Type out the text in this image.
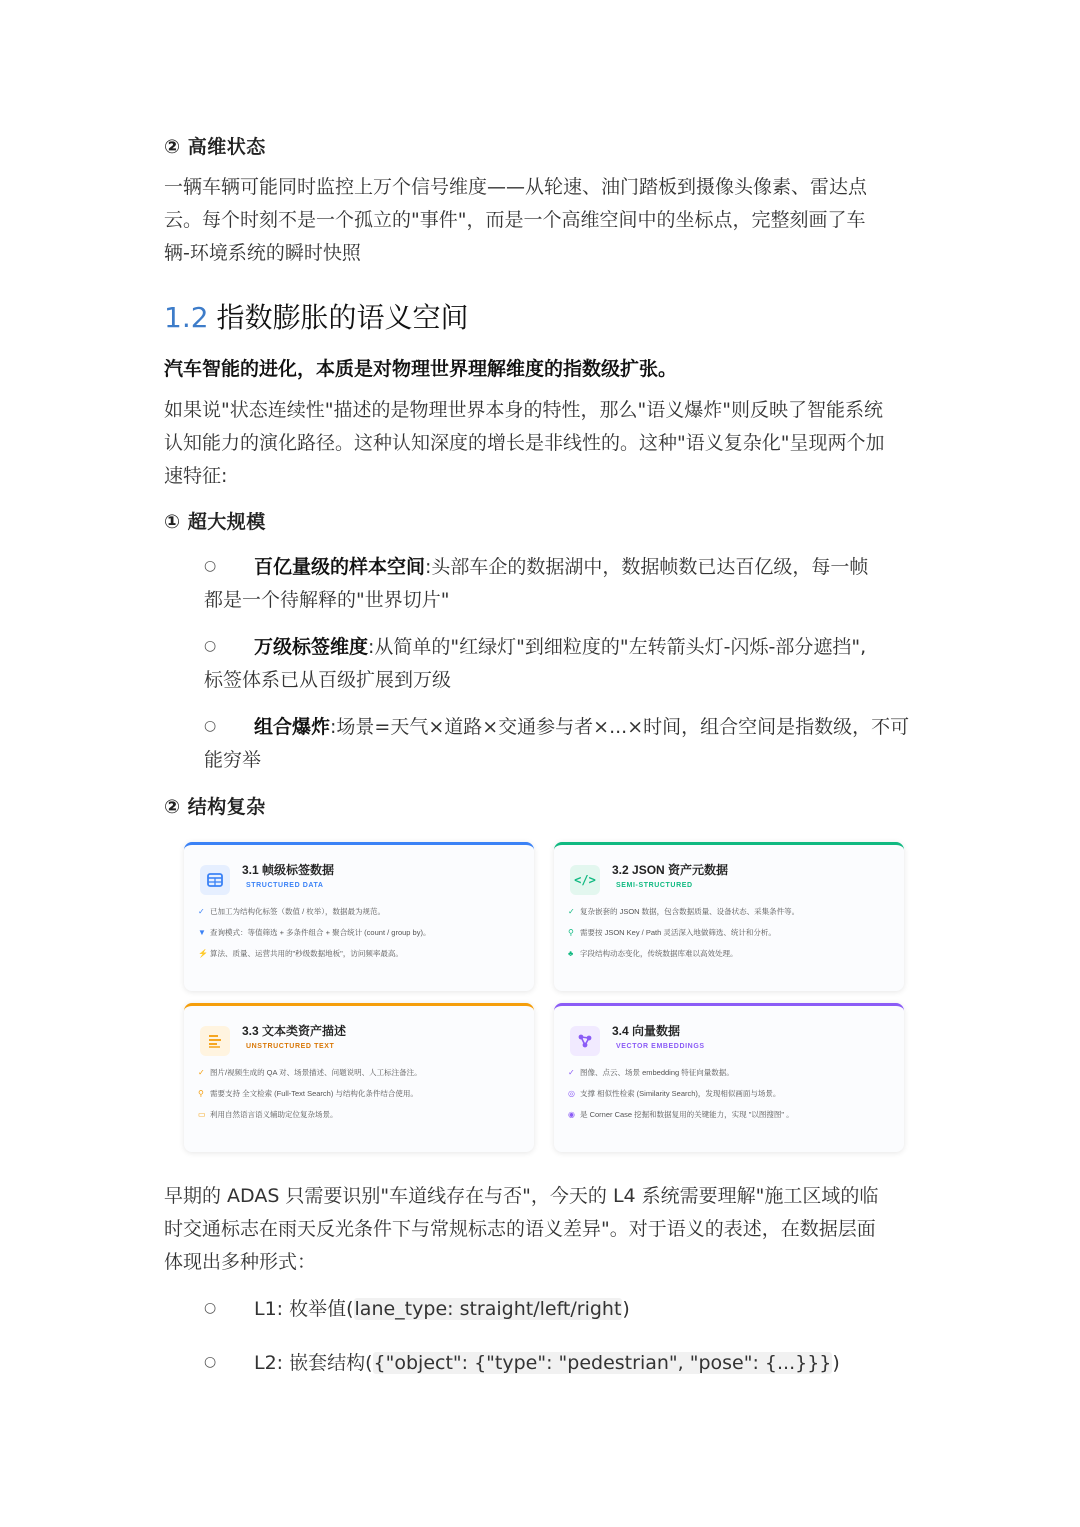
② 高维状态
一辆车辆可能同时监控上万个信号维度——从轮速、油门踏板到摄像头像素、雷达点
云。每个时刻不是一个孤立的"事件"，而是一个高维空间中的坐标点，完整刻画了车
辆-环境系统的瞬时快照
1.2 指数膨胀的语义空间
汽车智能的进化，本质是对物理世界理解维度的指数级扩张。
如果说"状态连续性"描述的是物理世界本身的特性，那么"语义爆炸"则反映了智能系统
认知能力的演化路径。这种认知深度的增长是非线性的。这种"语义复杂化"呈现两个加
速特征:
① 超大规模
○	百亿量级的样本空间:头部车企的数据湖中，数据帧数已达百亿级，每一帧
都是一个待解释的"世界切片"
○	万级标签维度:从简单的"红绿灯"到细粒度的"左转箭头灯-闪烁-部分遮挡",
标签体系已从百级扩展到万级
○	组合爆炸:场景=天气×道路×交通参与者×...×时间，组合空间是指数级，不可
能穷举
② 结构复杂
3.1 帧级标签数据
STRUCTURED DATA
✓ 已加工为结构化标签（数值 / 枚举），数据最为规范。
▼ 查询模式：等值筛选 + 多条件组合 + 聚合统计 (count / group by)。
⚡ 算法、质量、运营共用的"秒级数据地板"，访问频率最高。
</>
3.2 JSON 资产元数据
SEMI-STRUCTURED
✓ 复杂嵌套的 JSON 数据，包含数据质量、设备状态、采集条件等。
⚲ 需要按 JSON Key / Path 灵活深入地做筛选、统计和分析。
♣ 字段结构动态变化，传统数据库难以高效处理。
3.3 文本类资产描述
UNSTRUCTURED TEXT
✓ 图片/视频生成的 QA 对、场景描述、问题说明、人工标注备注。
⚲ 需要支持 全文检索 (Full-Text Search) 与结构化条件结合使用。
▭ 利用自然语言语义辅助定位复杂场景。
3.4 向量数据
VECTOR EMBEDDINGS
✓ 图像、点云、场景 embedding 特征向量数据。
◎ 支撑 相似性检索 (Similarity Search)，发现相似画面与场景。
◉ 是 Corner Case 挖掘和数据复用的关键能力，实现 "以图搜图" 。
早期的 ADAS 只需要识别"车道线存在与否"，今天的 L4 系统需要理解"施工区域的临
时交通标志在雨天反光条件下与常规标志的语义差异"。对于语义的表述，在数据层面
体现出多种形式：
○	L1: 枚举值(lane_type: straight/left/right)
○	L2: 嵌套结构({"object": {"type": "pedestrian", "pose": {...}}})
